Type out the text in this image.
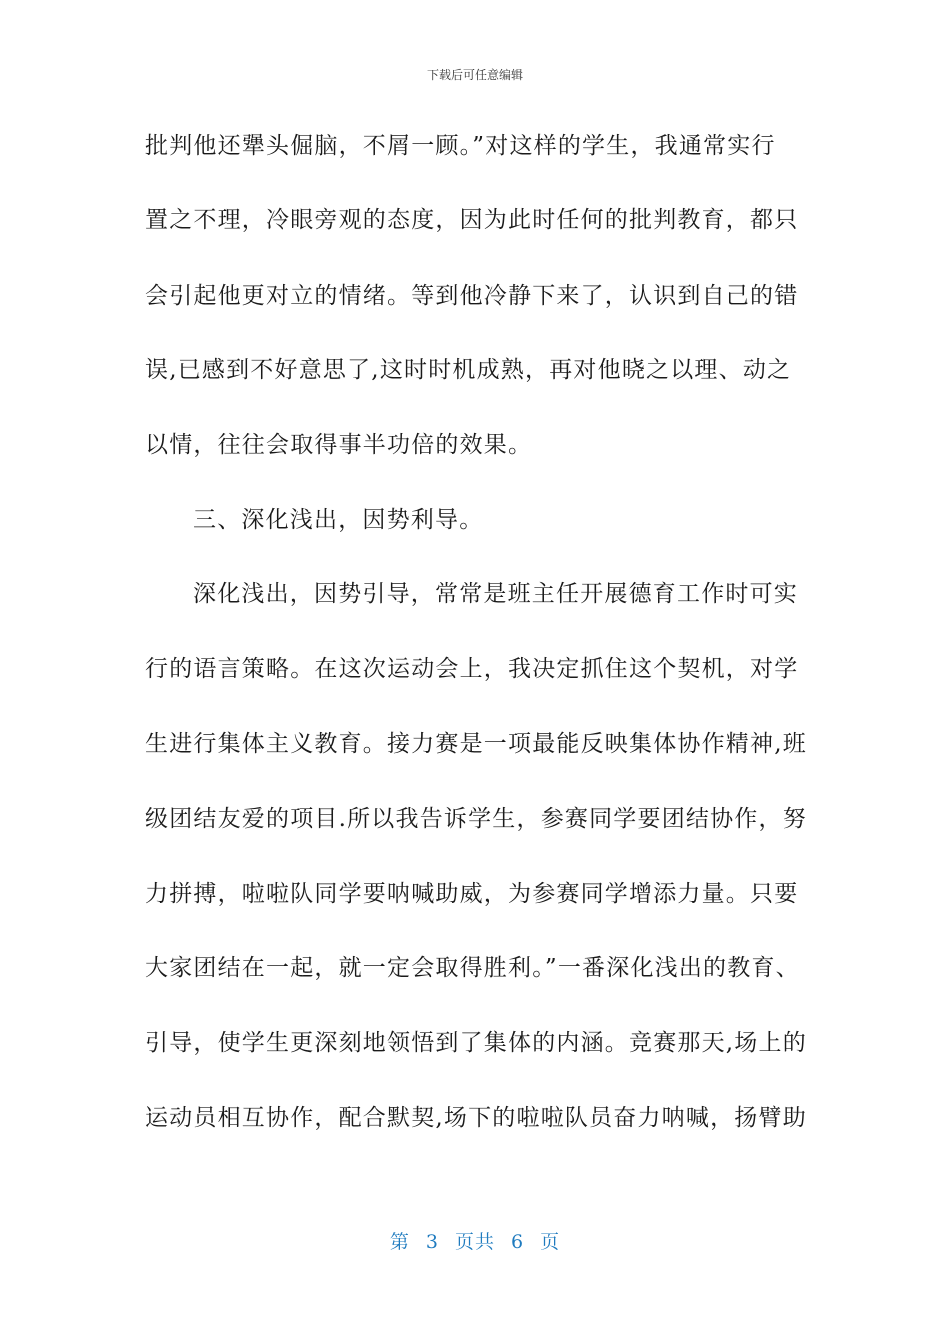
下载后可任意编辑
批判他还犟头倔脑，不屑一顾。”对这样的学生，我通常实行
置之不理，冷眼旁观的态度，因为此时任何的批判教育，都只
会引起他更对立的情绪。等到他冷静下来了，认识到自己的错
误,已感到不好意思了,这时时机成熟，再对他晓之以理、动之
以情，往往会取得事半功倍的效果。
三、深化浅出，因势利导。
深化浅出，因势引导，常常是班主任开展德育工作时可实
行的语言策略。在这次运动会上，我决定抓住这个契机，对学
生进行集体主义教育。接力赛是一项最能反映集体协作精神,班
级团结友爱的项目.所以我告诉学生，参赛同学要团结协作，努
力拼搏，啦啦队同学要呐喊助威，为参赛同学增添力量。只要
大家团结在一起，就一定会取得胜利。”一番深化浅出的教育、
引导，使学生更深刻地领悟到了集体的内涵。竞赛那天,场上的
运动员相互协作，配合默契,场下的啦啦队员奋力呐喊，扬臂助
第 3 页共 6 页
